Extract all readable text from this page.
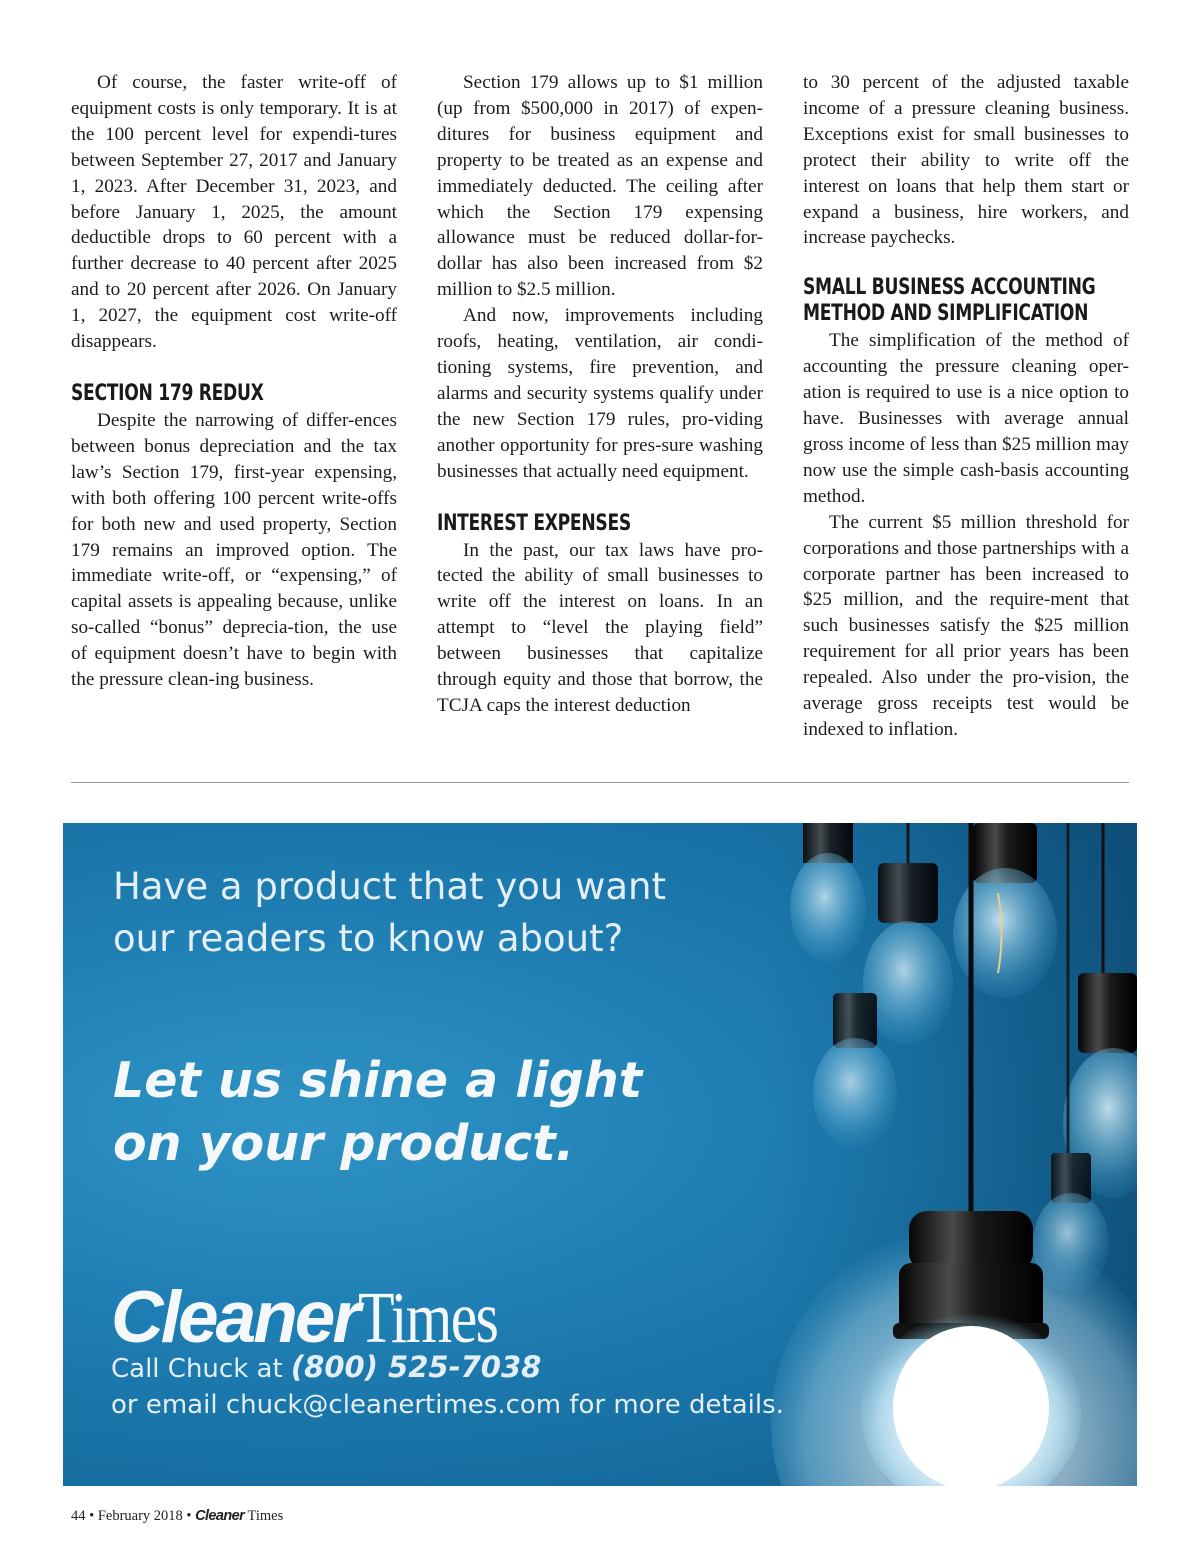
Of course, the faster write-off of equipment costs is only temporary. It is at the 100 percent level for expendi-tures between September 27, 2017 and January 1, 2023. After December 31, 2023, and before January 1, 2025, the amount deductible drops to 60 percent with a further decrease to 40 percent after 2025 and to 20 percent after 2026. On January 1, 2027, the equipment cost write-off disappears.

SECTION 179 REDUX

Despite the narrowing of differ-ences between bonus depreciation and the tax law’s Section 179, first-year expensing, with both offering 100 percent write-offs for both new and used property, Section 179 remains an improved option. The immediate write-off, or “expensing,” of capital assets is appealing because, unlike so-called “bonus” deprecia-tion, the use of equipment doesn’t have to begin with the pressure clean-ing business.

Section 179 allows up to $1 million (up from $500,000 in 2017) of expen-ditures for business equipment and property to be treated as an expense and immediately deducted. The ceiling after which the Section 179 expensing allowance must be reduced dollar-for-dollar has also been increased from $2 million to $2.5 million.

And now, improvements including roofs, heating, ventilation, air condi-tioning systems, fire prevention, and alarms and security systems qualify under the new Section 179 rules, pro-viding another opportunity for pres-sure washing businesses that actually need equipment.

INTEREST EXPENSES

In the past, our tax laws have pro-tected the ability of small businesses to write off the interest on loans. In an attempt to “level the playing field” between businesses that capitalize through equity and those that borrow, the TCJA caps the interest deduction

to 30 percent of the adjusted taxable income of a pressure cleaning business. Exceptions exist for small businesses to protect their ability to write off the interest on loans that help them start or expand a business, hire workers, and increase paychecks.

SMALL BUSINESS ACCOUNTING
METHOD AND SIMPLIFICATION

The simplification of the method of accounting the pressure cleaning oper-ation is required to use is a nice option to have. Businesses with average annual gross income of less than $25 million may now use the simple cash-basis accounting method.

The current $5 million threshold for corporations and those partnerships with a corporate partner has been increased to $25 million, and the require-ment that such businesses satisfy the $25 million requirement for all prior years has been repealed. Also under the pro-vision, the average gross receipts test would be indexed to inflation.

Have a product that you want
our readers to know about?
Let us shine a light
on your product.
CleanerTimes
Call Chuck at (800) 525-7038
or email chuck@cleanertimes.com for more details.
44 • February 2018 • Cleaner Times
